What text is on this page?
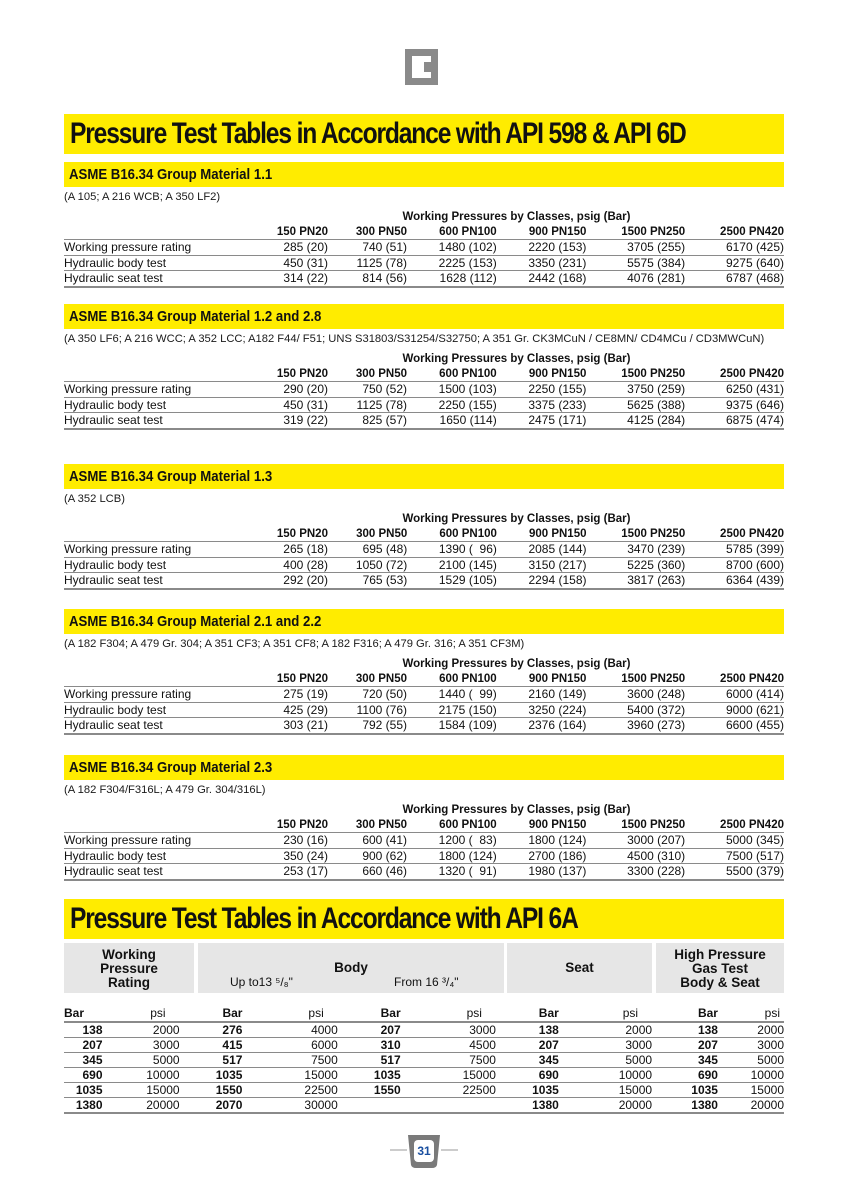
Pressure Test Tables in Accordance with API 598 & API 6D
ASME B16.34 Group Material 1.1
(A 105; A 216 WCB; A 350 LF2)
	Working Pressures by Classes, psig (Bar)					
	150 PN20	300 PN50	600 PN100	900 PN150	1500 PN250	2500 PN420
Working pressure rating	285 (20)	740 (51)	1480 (102)	2220 (153)	3705 (255)	6170 (425)
Hydraulic body test	450 (31)	1125 (78)	2225 (153)	3350 (231)	5575 (384)	9275 (640)
Hydraulic seat test	314 (22)	814 (56)	1628 (112)	2442 (168)	4076 (281)	6787 (468)
ASME B16.34 Group Material 1.2 and 2.8
(A 350 LF6; A 216 WCC; A 352 LCC; A182 F44/ F51; UNS S31803/S31254/S32750; A 351 Gr. CK3MCuN / CE8MN/ CD4MCu / CD3MWCuN)
	Working Pressures by Classes, psig (Bar)					
	150 PN20	300 PN50	600 PN100	900 PN150	1500 PN250	2500 PN420
Working pressure rating	290 (20)	750 (52)	1500 (103)	2250 (155)	3750 (259)	6250 (431)
Hydraulic body test	450 (31)	1125 (78)	2250 (155)	3375 (233)	5625 (388)	9375 (646)
Hydraulic seat test	319 (22)	825 (57)	1650 (114)	2475 (171)	4125 (284)	6875 (474)
ASME B16.34 Group Material 1.3
(A 352 LCB)
	Working Pressures by Classes, psig (Bar)					
	150 PN20	300 PN50	600 PN100	900 PN150	1500 PN250	2500 PN420
Working pressure rating	265 (18)	695 (48)	1390 (  96)	2085 (144)	3470 (239)	5785 (399)
Hydraulic body test	400 (28)	1050 (72)	2100 (145)	3150 (217)	5225 (360)	8700 (600)
Hydraulic seat test	292 (20)	765 (53)	1529 (105)	2294 (158)	3817 (263)	6364 (439)
ASME B16.34 Group Material 2.1 and 2.2
(A 182 F304; A 479 Gr. 304; A 351 CF3; A 351 CF8; A 182 F316; A 479 Gr. 316; A 351 CF3M)
	Working Pressures by Classes, psig (Bar)					
	150 PN20	300 PN50	600 PN100	900 PN150	1500 PN250	2500 PN420
Working pressure rating	275 (19)	720 (50)	1440 (  99)	2160 (149)	3600 (248)	6000 (414)
Hydraulic body test	425 (29)	1100 (76)	2175 (150)	3250 (224)	5400 (372)	9000 (621)
Hydraulic seat test	303 (21)	792 (55)	1584 (109)	2376 (164)	3960 (273)	6600 (455)
ASME B16.34 Group Material 2.3
(A 182 F304/F316L; A 479 Gr. 304/316L)
	Working Pressures by Classes, psig (Bar)					
	150 PN20	300 PN50	600 PN100	900 PN150	1500 PN250	2500 PN420
Working pressure rating	230 (16)	600 (41)	1200 (  83)	1800 (124)	3000 (207)	5000 (345)
Hydraulic body test	350 (24)	900 (62)	1800 (124)	2700 (186)	4500 (310)	7500 (517)
Hydraulic seat test	253 (17)	660 (46)	1320 (  91)	1980 (137)	3300 (228)	5500 (379)
Pressure Test Tables in Accordance with API 6A
Working
Pressure
Rating
Body
Up to13 ⁵/₈"	From 16 ³/₄"
Seat
High Pressure
Gas Test
Body & Seat
Bar	psi	Bar	psi	Bar	psi	Bar	psi	Bar	psi
138	2000	276	4000	207	3000	138	2000	138	2000
207	3000	415	6000	310	4500	207	3000	207	3000
345	5000	517	7500	517	7500	345	5000	345	5000
690	10000	1035	15000	1035	15000	690	10000	690	10000
1035	15000	1550	22500	1550	22500	1035	15000	1035	15000
1380	20000	2070	30000			1380	20000	1380	20000
31
